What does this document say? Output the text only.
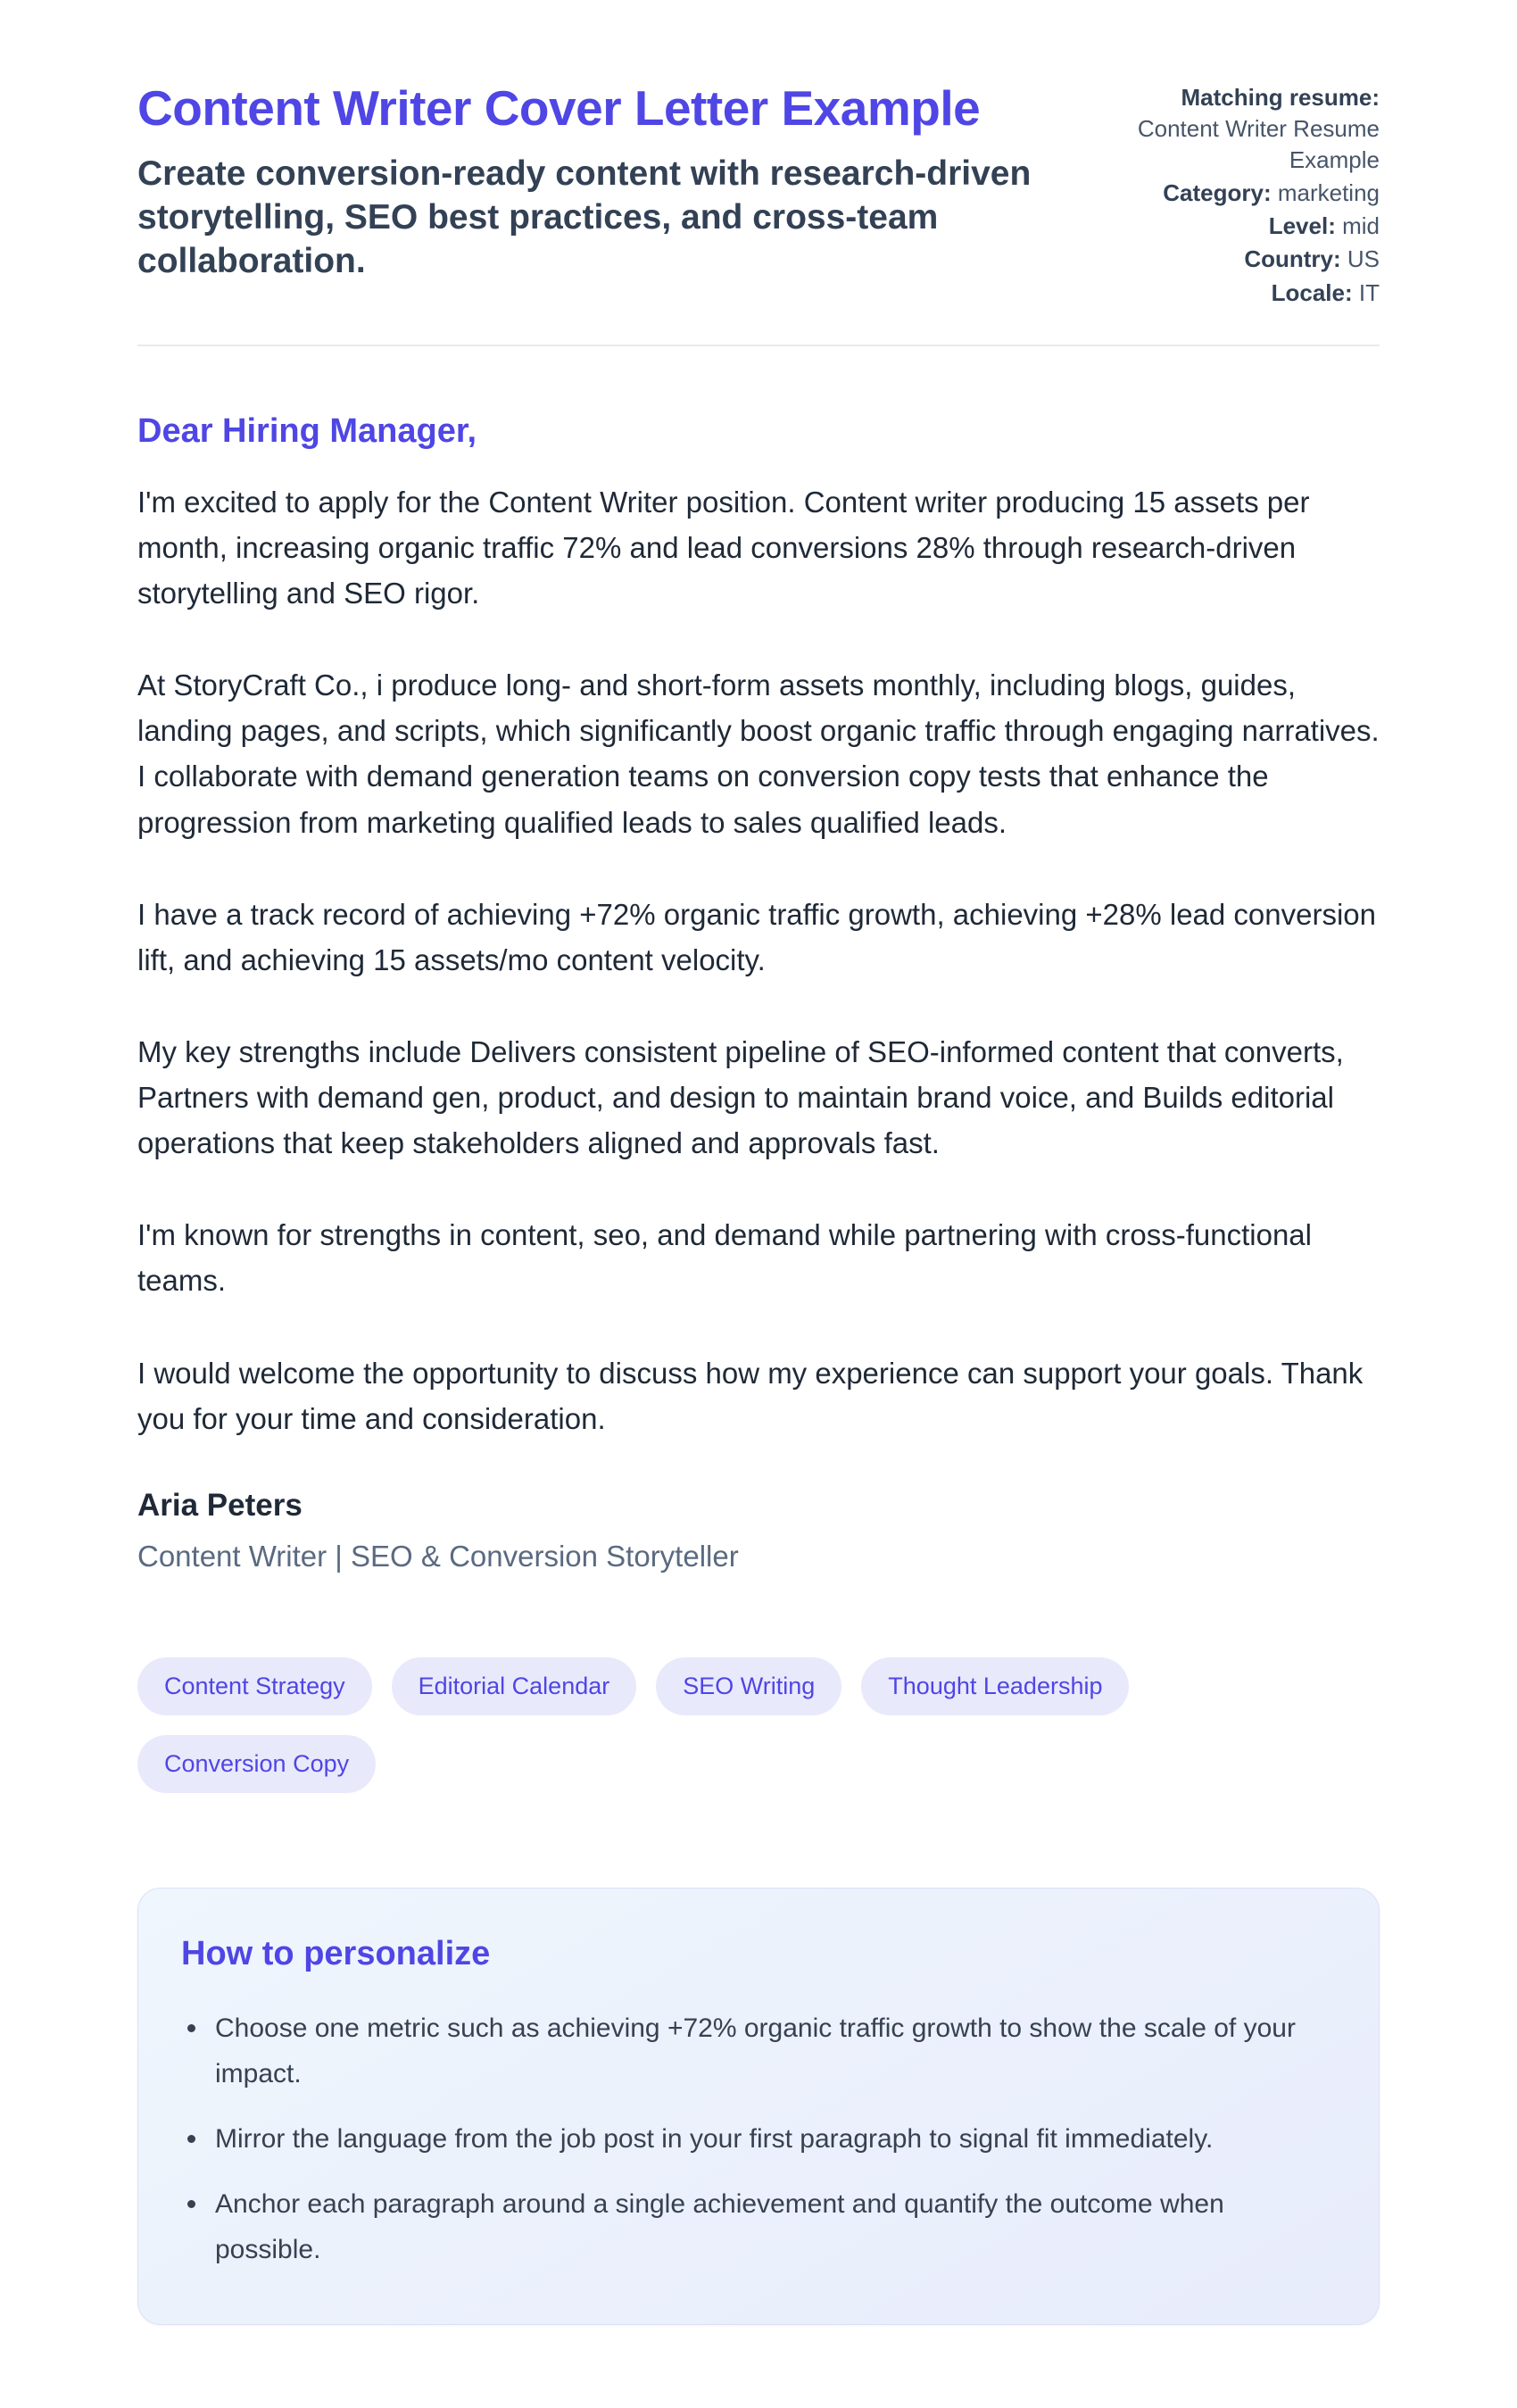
Content Writer Cover Letter Example

Create conversion-ready content with research-driven storytelling, SEO best practices, and cross-team collaboration.

Matching resume: Content Writer Resume Example
Category: marketing
Level: mid
Country: US
Locale: IT

Dear Hiring Manager,

I'm excited to apply for the Content Writer position. Content writer producing 15 assets per month, increasing organic traffic 72% and lead conversions 28% through research-driven storytelling and SEO rigor.

At StoryCraft Co., i produce long- and short-form assets monthly, including blogs, guides, landing pages, and scripts, which significantly boost organic traffic through engaging narratives. I collaborate with demand generation teams on conversion copy tests that enhance the progression from marketing qualified leads to sales qualified leads.

I have a track record of achieving +72% organic traffic growth, achieving +28% lead conversion lift, and achieving 15 assets/mo content velocity.

My key strengths include Delivers consistent pipeline of SEO-informed content that converts, Partners with demand gen, product, and design to maintain brand voice, and Builds editorial operations that keep stakeholders aligned and approvals fast.

I'm known for strengths in content, seo, and demand while partnering with cross-functional teams.

I would welcome the opportunity to discuss how my experience can support your goals. Thank you for your time and consideration.

Aria Peters

Content Writer | SEO & Conversion Storyteller

Content Strategy	Editorial Calendar	SEO Writing	Thought Leadership
Conversion Copy
How to personalize
Choose one metric such as achieving +72% organic traffic growth to show the scale of your impact.
Mirror the language from the job post in your first paragraph to signal fit immediately.
Anchor each paragraph around a single achievement and quantify the outcome when possible.
